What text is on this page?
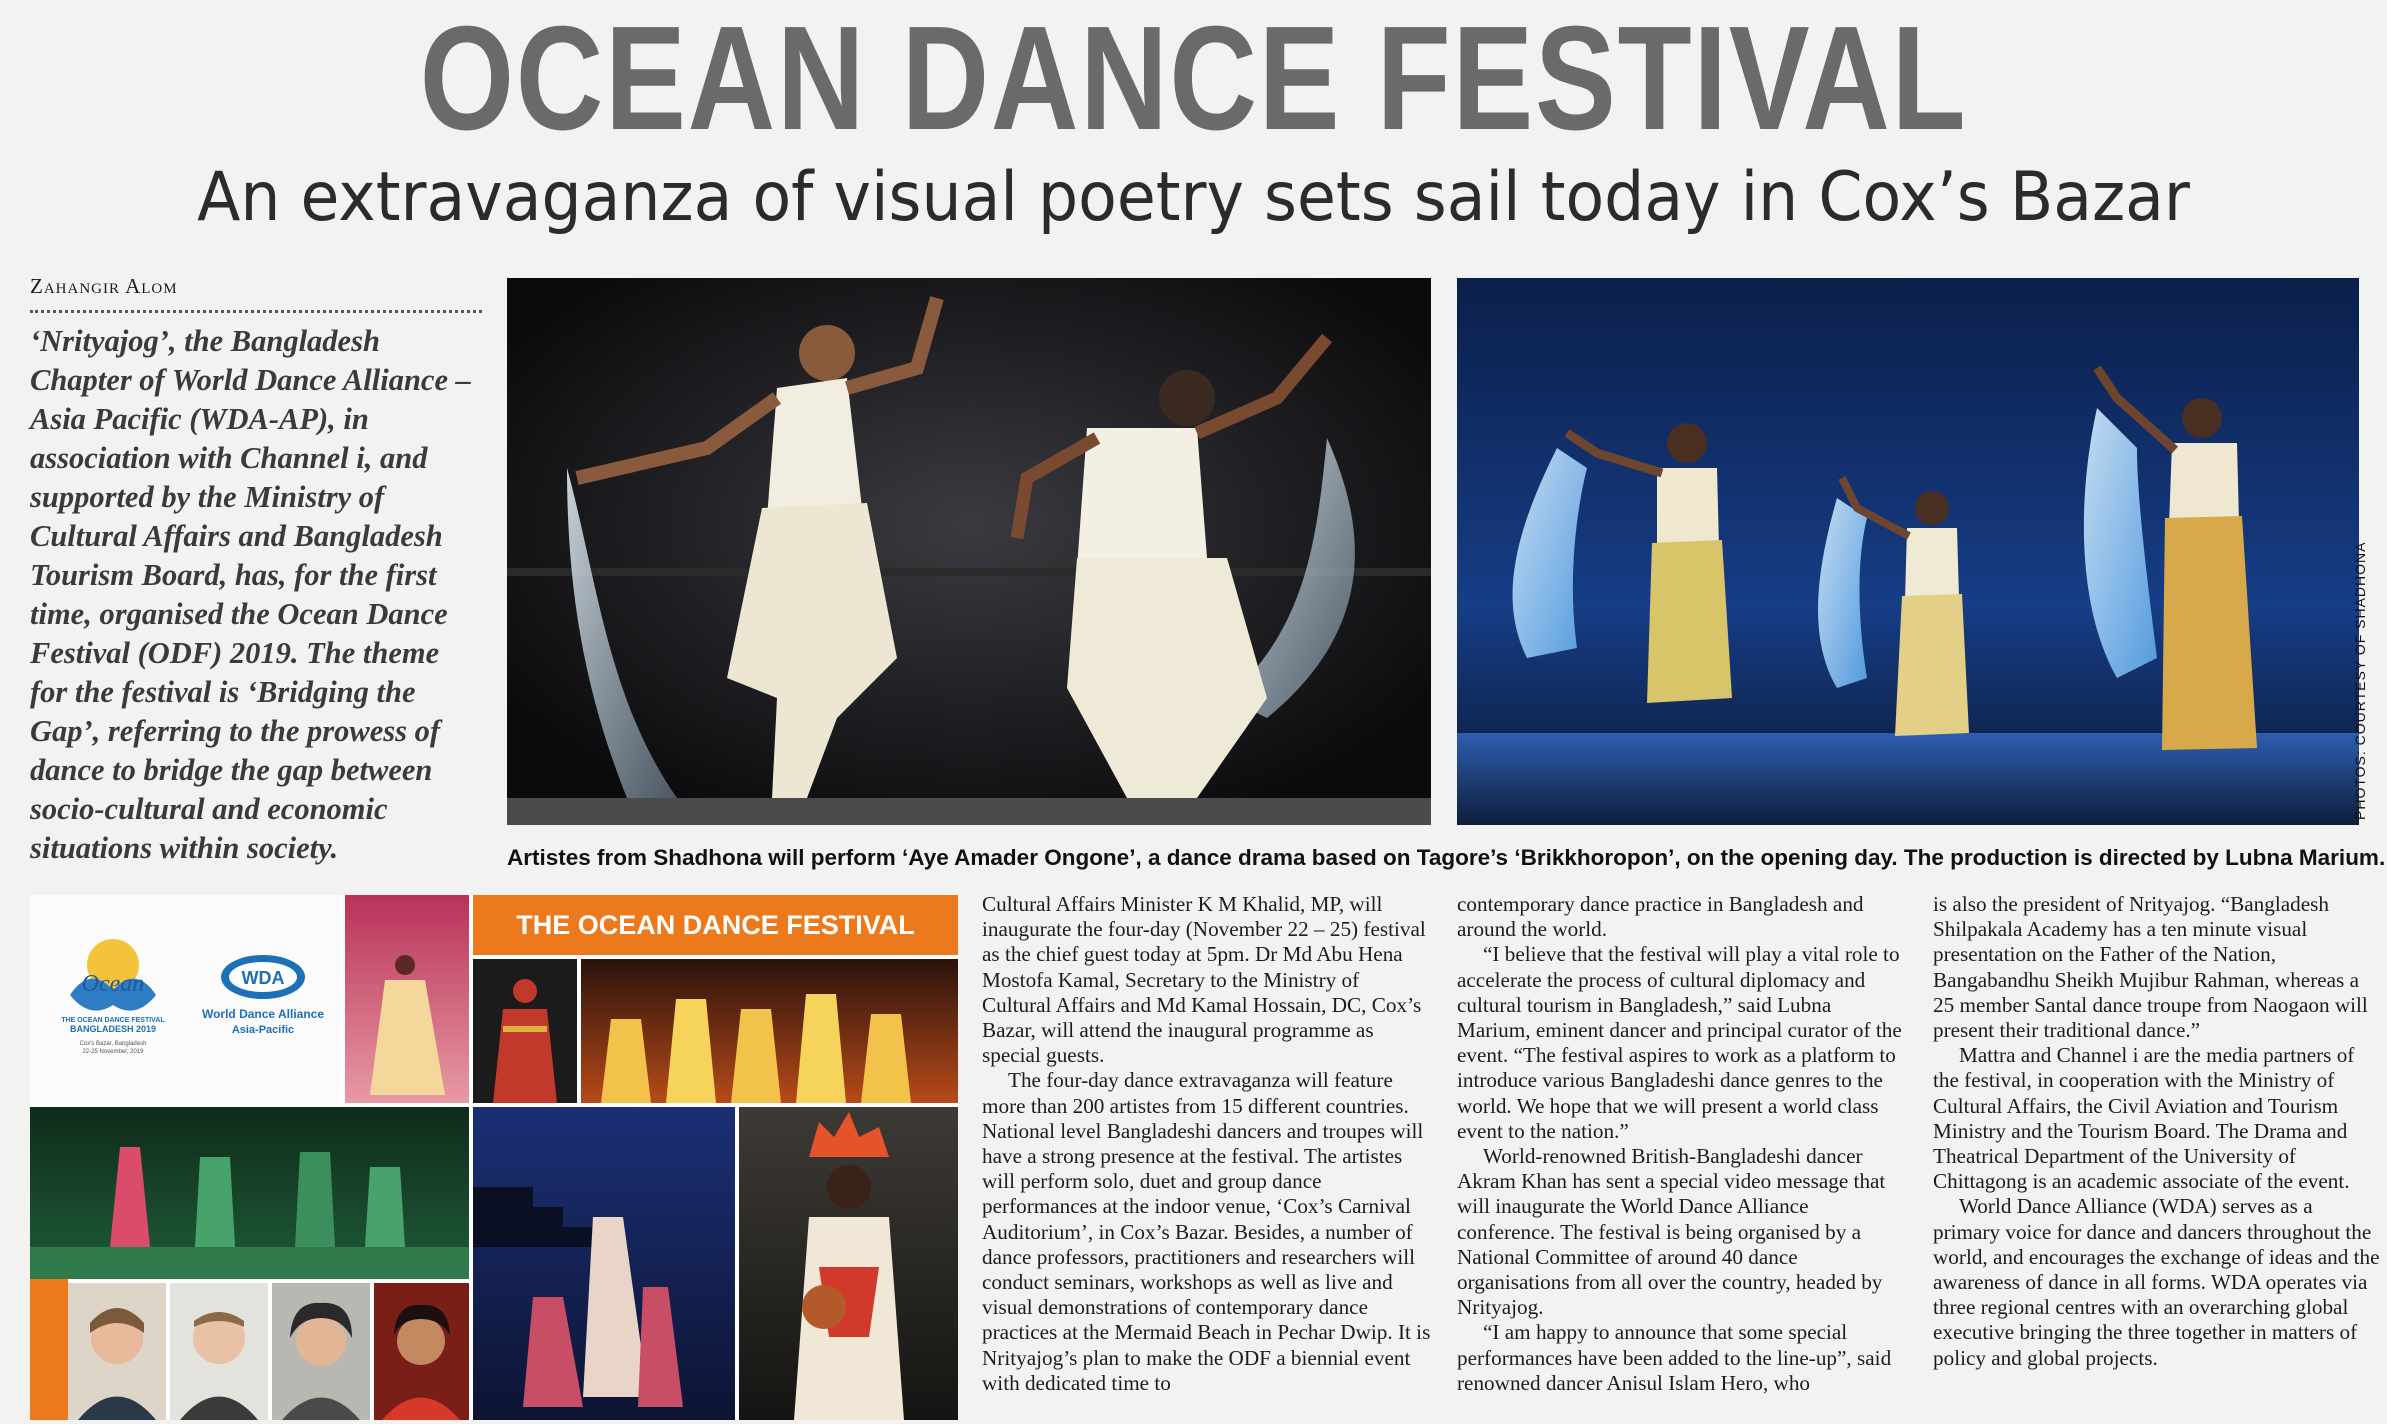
OCEAN DANCE FESTIVAL
An extravaganza of visual poetry sets sail today in Cox’s Bazar
Zahangir Alom
‘Nrityajog’, the Bangladesh Chapter of World Dance Alliance – Asia Pacific (WDA-AP), in association with Channel i, and supported by the Ministry of Cultural Affairs and Bangladesh Tourism Board, has, for the first time, organised the Ocean Dance Festival (ODF) 2019. The theme for the festival is ‘Bridging the Gap’, referring to the prowess of dance to bridge the gap between socio-cultural and economic situations within society.
PHOTOS: COURTESY OF SHADHONA
Artistes from Shadhona will perform ‘Aye Amader Ongone’, a dance drama based on Tagore’s ‘Brikkhoropon’, on the opening day. The production is directed by Lubna Marium.
Ocean
THE OCEAN DANCE FESTIVAL
BANGLADESH 2019
Cox's Bazar, Bangladesh
22-25 November, 2019
WDA
World Dance Alliance
Asia-Pacific
THE OCEAN DANCE FESTIVAL

Cultural Affairs Minister K M Khalid, MP, will inaugurate the four-day (November 22 – 25) festival as the chief guest today at 5pm. Dr Md Abu Hena Mostofa Kamal, Secretary to the Ministry of Cultural Affairs and Md Kamal Hossain, DC, Cox’s Bazar, will attend the inaugural programme as special guests.

The four-day dance extravaganza will feature more than 200 artistes from 15 different countries. National level Bangladeshi dancers and troupes will have a strong presence at the festival. The artistes will perform solo, duet and group dance performances at the indoor venue, ‘Cox’s Carnival Auditorium’, in Cox’s Bazar. Besides, a number of dance professors, practitioners and researchers will conduct seminars, workshops as well as live and visual demonstrations of contemporary dance practices at the Mermaid Beach in Pechar Dwip. It is Nrityajog’s plan to make the ODF a biennial event with dedicated time to

contemporary dance practice in Bangladesh and around the world.

“I believe that the festival will play a vital role to accelerate the process of cultural diplomacy and cultural tourism in Bangladesh,” said Lubna Marium, eminent dancer and principal curator of the event. “The festival aspires to work as a platform to introduce various Bangladeshi dance genres to the world. We hope that we will present a world class event to the nation.”

World-renowned British-Bangladeshi dancer Akram Khan has sent a special video message that will inaugurate the World Dance Alliance conference. The festival is being organised by a National Committee of around 40 dance organisations from all over the country, headed by Nrityajog.

“I am happy to announce that some special performances have been added to the line-up”, said renowned dancer Anisul Islam Hero, who

is also the president of Nrityajog. “Bangladesh Shilpakala Academy has a ten minute visual presentation on the Father of the Nation, Bangabandhu Sheikh Mujibur Rahman, whereas a 25 member Santal dance troupe from Naogaon will present their traditional dance.”

Mattra and Channel i are the media partners of the festival, in cooperation with the Ministry of Cultural Affairs, the Civil Aviation and Tourism Ministry and the Tourism Board. The Drama and Theatrical Department of the University of Chittagong is an academic associate of the event.

World Dance Alliance (WDA) serves as a primary voice for dance and dancers throughout the world, and encourages the exchange of ideas and the awareness of dance in all forms. WDA operates via three regional centres with an overarching global executive bringing the three together in matters of policy and global projects.
